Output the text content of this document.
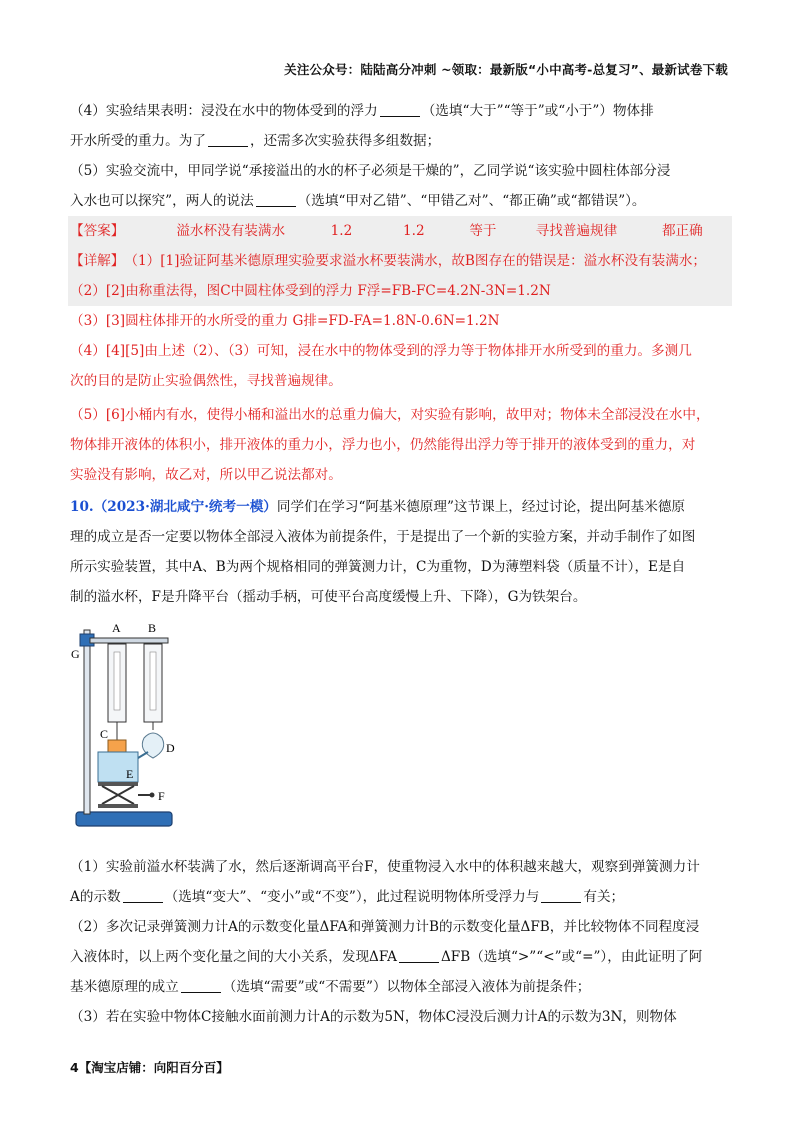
关注公众号：陆陆高分冲刺 ~领取：最新版“小中高考-总复习”、最新试卷下载
（4）实验结果表明：浸没在水中的物体受到的浮力	（选填“大于”“等于”或“小于”）物体排
开水所受的重力。为了	，还需多次实验获得多组数据；
（5）实验交流中，甲同学说“承接溢出的水的杯子必须是干燥的”，乙同学说“该实验中圆柱体部分浸
入水也可以探究”，两人的说法	（选填“甲对乙错”、“甲错乙对”、“都正确”或“都错误”）。
【答案】	溢水杯没有装满水	1.2	1.2	等于	寻找普遍规律	都正确
【详解】（1）[1]验证阿基米德原理实验要求溢水杯要装满水，故B图存在的错误是：溢水杯没有装满水；
（2）[2]由称重法得，图C中圆柱体受到的浮力 F浮=FB-FC=4.2N-3N=1.2N
（3）[3]圆柱体排开的水所受的重力 G排=FD-FA=1.8N-0.6N=1.2N
（4）[4][5]由上述（2）、（3）可知，浸在水中的物体受到的浮力等于物体排开水所受到的重力。多测几
次的目的是防止实验偶然性，寻找普遍规律。
（5）[6]小桶内有水，使得小桶和溢出水的总重力偏大，对实验有影响，故甲对；物体未全部浸没在水中，
物体排开液体的体积小，排开液体的重力小，浮力也小，仍然能得出浮力等于排开的液体受到的重力，对
实验没有影响，故乙对，所以甲乙说法都对。
10.（2023·湖北咸宁·统考一模）同学们在学习“阿基米德原理”这节课上，经过讨论，提出阿基米德原
理的成立是否一定要以物体全部浸入液体为前提条件，于是提出了一个新的实验方案，并动手制作了如图
所示实验装置，其中A、B为两个规格相同的弹簧测力计，C为重物，D为薄塑料袋（质量不计），E是自
制的溢水杯，F是升降平台（摇动手柄，可使平台高度缓慢上升、下降），G为铁架台。
A B
G
C
D
E
F
（1）实验前溢水杯装满了水，然后逐渐调高平台F，使重物浸入水中的体积越来越大，观察到弹簧测力计
A的示数	（选填“变大”、“变小”或“不变”），此过程说明物体所受浮力与	有关；
（2）多次记录弹簧测力计A的示数变化量ΔFA和弹簧测力计B的示数变化量ΔFB，并比较物体不同程度浸
入液体时，以上两个变化量之间的大小关系，发现ΔFA	ΔFB（选填“>”“<”或“=”），由此证明了阿
基米德原理的成立	（选填“需要”或“不需要”）以物体全部浸入液体为前提条件；
（3）若在实验中物体C接触水面前测力计A的示数为5N，物体C浸没后测力计A的示数为3N，则物体
4【淘宝店铺：向阳百分百】
